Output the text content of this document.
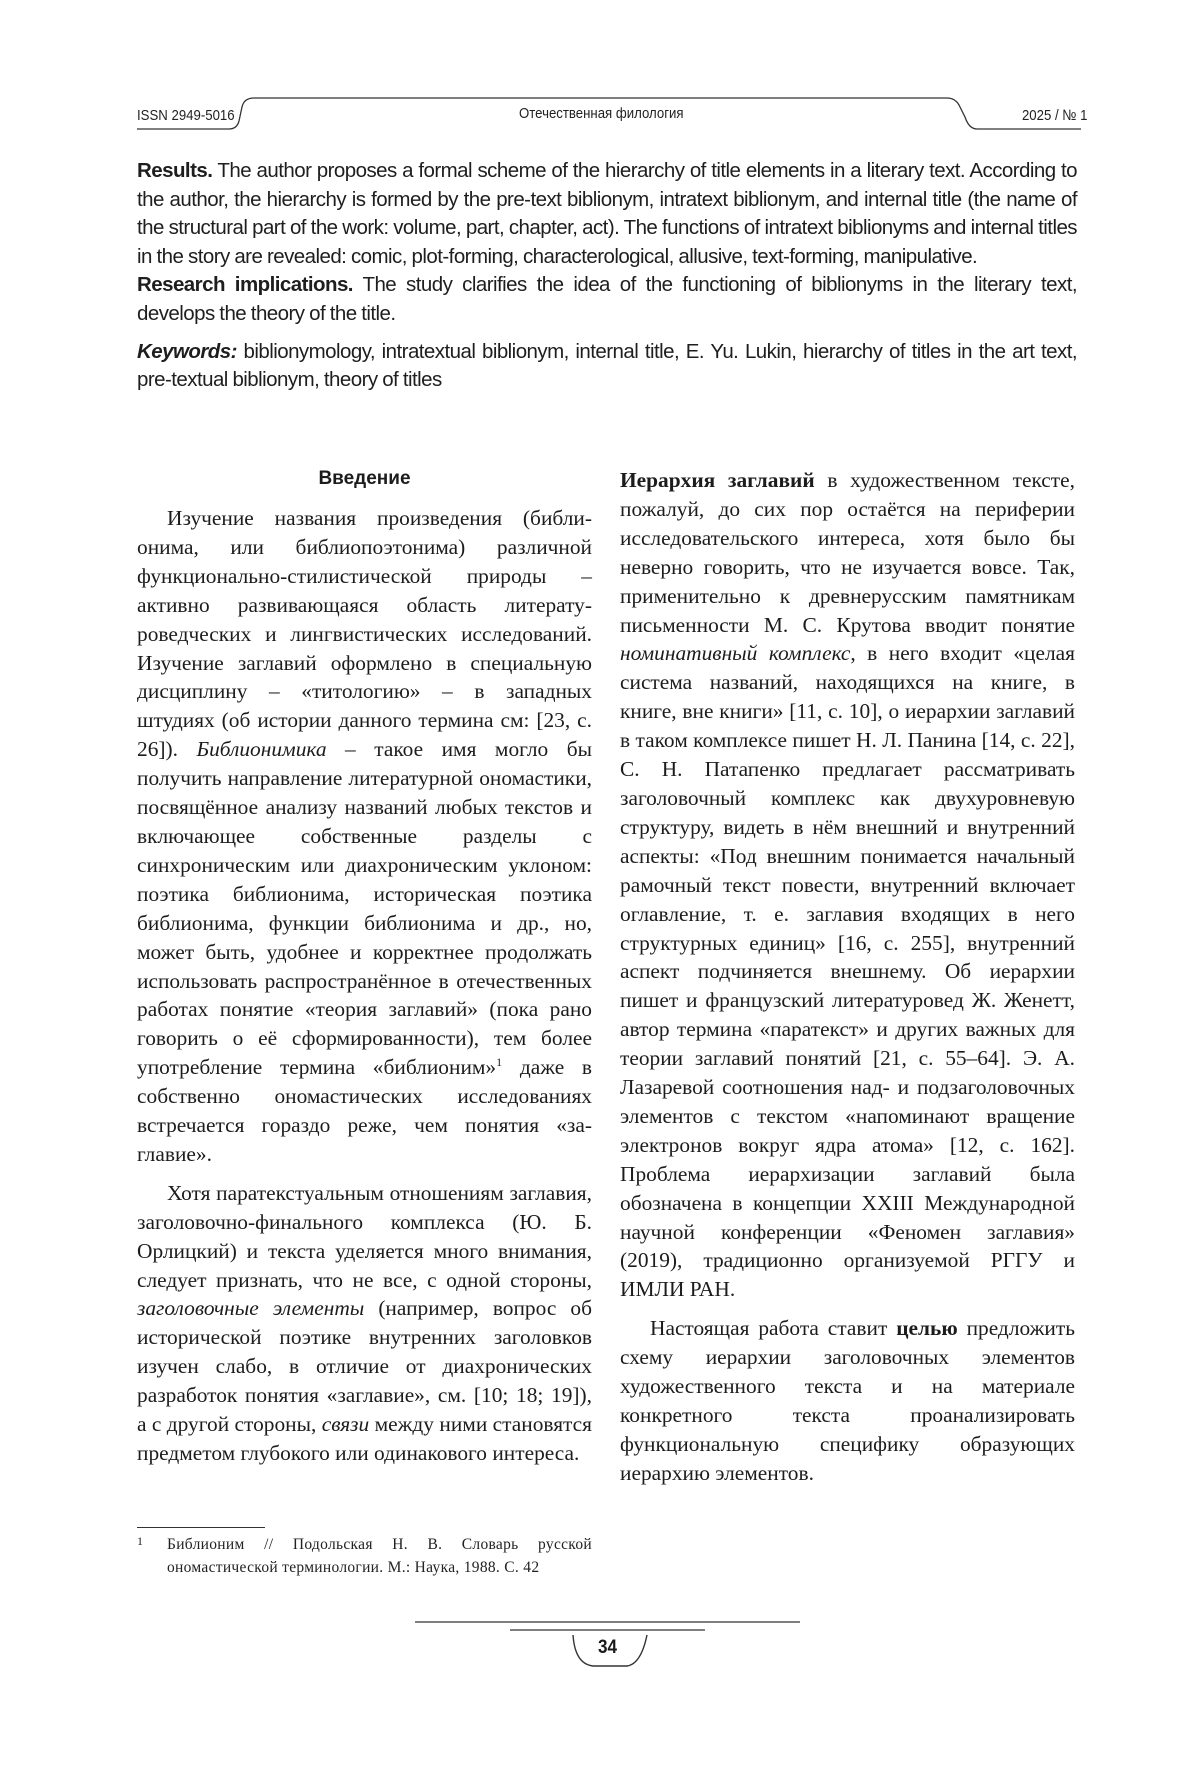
ISSN 2949-5016	Отечественная филология	2025 / № 1

Results. The author proposes a formal scheme of the hierarchy of title elements in a literary text. According to the author, the hierarchy is formed by the pre-text biblionym, intratext biblionym, and internal title (the name of the structural part of the work: volume, part, chapter, act). The functions of intratext biblionyms and internal titles in the story are revealed: comic, plot-forming, characterological, allusive, text-forming, manipulative.

Research implications. The study clarifies the idea of the functioning of biblionyms in the literary text, develops the theory of the title.

Keywords: biblionymology, intratextual biblionym, internal title, E. Yu. Lukin, hierarchy of titles in the art text, pre-textual biblionym, theory of titles

Введение

Изучение названия произведения (библионима, или библиопоэтонима) различной функционально-стилистической природы – активно развивающаяся область литературоведческих и лингвистических исследований. Изучение заглавий оформлено в специальную дисциплину – «титологию» – в западных штудиях (об истории данного термина см: [23, с. 26]). Библионимика – такое имя могло бы получить направление литературной ономастики, посвящённое анализу названий любых текстов и включающее собственные разделы с синхроническим или диахроническим уклоном: поэтика библионима, историческая поэтика библионима, функции библионима и др., но, может быть, удобнее и корректнее продолжать использовать распространённое в отечественных работах понятие «теория заглавий» (пока рано говорить о её сформированности), тем более употребление термина «библионим»$^1$ даже в собственно ономастических исследованиях встречается гораздо реже, чем понятия «заглавие».

Хотя паратекстуальным отношениям заглавия, заголовочно-финального комплекса (Ю. Б. Орлицкий) и текста уделяется много внимания, следует признать, что не все, с одной стороны, заголовочные элементы (например, вопрос об исторической поэтике внутренних заголовков изучен слабо, в отличие от диахронических разработок понятия «заглавие», см. [10; 18; 19]), а с другой стороны, связи между ними становятся предметом глубокого или одинакового интереса.

Иерархия заглавий в художественном тексте, пожалуй, до сих пор остаётся на периферии исследовательского интереса, хотя было бы неверно говорить, что не изучается вовсе. Так, применительно к древнерусским памятникам письменности М. С. Крутова вводит понятие номинативный комплекс, в него входит «целая система названий, находящихся на книге, в книге, вне книги» [11, с. 10], о иерархии заглавий в таком комплексе пишет Н. Л. Панина [14, с. 22], С. Н. Патапенко предлагает рассматривать заголовочный комплекс как двухуровневую структуру, видеть в нём внешний и внутренний аспекты: «Под внешним понимается начальный рамочный текст повести, внутренний включает оглавление, т. е. заглавия входящих в него структурных единиц» [16, с. 255], внутренний аспект подчиняется внешнему. Об иерархии пишет и французский литературовед Ж. Женетт, автор термина «паратекст» и других важных для теории заглавий понятий [21, с. 55–64]. Э. А. Лазаревой соотношения над- и подзаголовочных элементов с текстом «напоминают вращение электронов вокруг ядра атома» [12, с. 162]. Проблема иерархизации заглавий была обозначена в концепции XXIII Международной научной конференции «Феномен заглавия» (2019), традиционно организуемой РГГУ и ИМЛИ РАН.

Настоящая работа ставит целью предложить схему иерархии заголовочных элементов художественного текста и на материале конкретного текста проанализировать функциональную специфику образующих иерархию элементов.

1 Библионим // Подольская Н. В. Словарь русской ономастической терминологии. М.: Наука, 1988. С. 42
34
